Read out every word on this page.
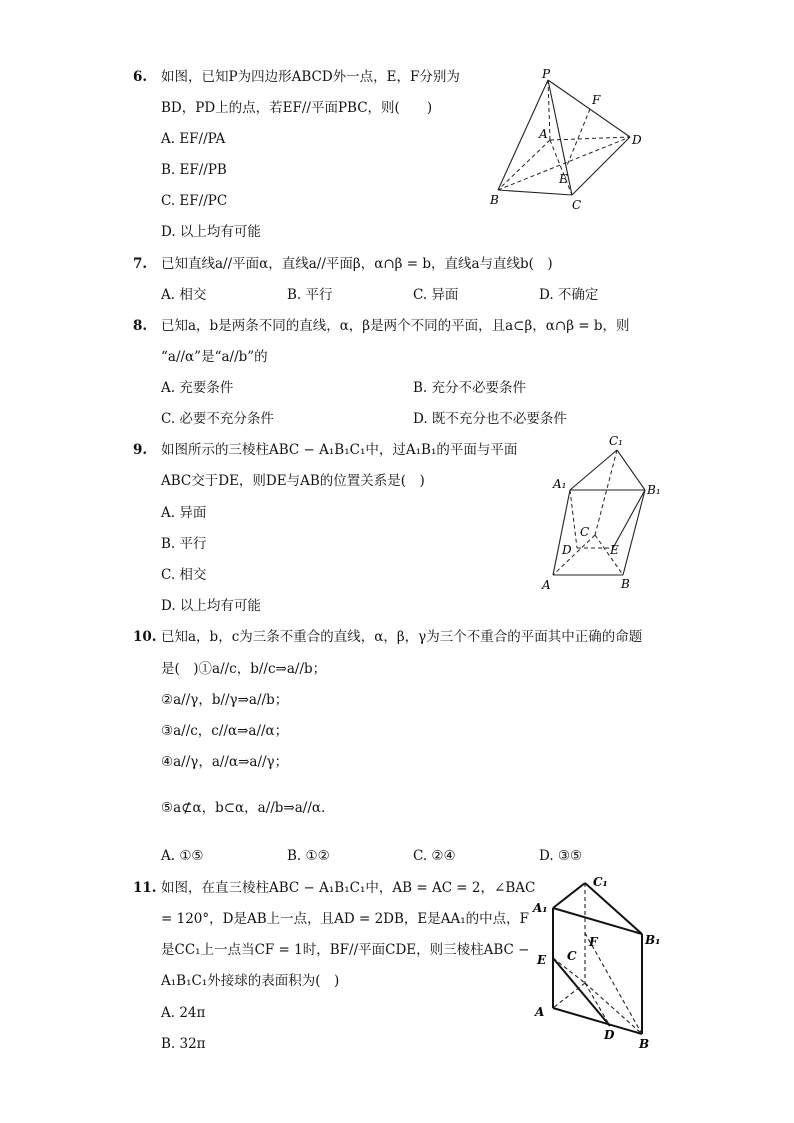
6. 如图，已知P为四边形ABCD外一点，E，F分别为
BD，PD上的点，若EF//平面PBC，则(　　)
A. EF//PA
B. EF//PB
C. EF//PC
D. 以上均有可能
P
F
A	D
E
B	C
7. 已知直线a//平面α，直线a//平面β，α∩β = b，直线a与直线b(　)
A. 相交	B. 平行	C. 异面	D. 不确定
8. 已知a，b是两条不同的直线，α，β是两个不同的平面，且a⊂β，α∩β = b，则
“a//α”是“a//b”的
A. 充要条件	B. 充分不必要条件
C. 必要不充分条件	D. 既不充分也不必要条件
9. 如图所示的三棱柱ABC − A₁B₁C₁中，过A₁B₁的平面与平面
ABC交于DE，则DE与AB的位置关系是(　)
A. 异面
B. 平行
C. 相交
D. 以上均有可能
C₁
A₁	B₁
C
D	E
A	B
10. 已知a，b，c为三条不重合的直线，α，β，γ为三个不重合的平面其中正确的命题
是(　)①a//c，b//c⇒a//b；
②a//γ，b//γ⇒a//b；
③a//c，c//α⇒a//α；
④a//γ，a//α⇒a//γ；
⑤a⊄α，b⊂α，a//b⇒a//α.
A. ①⑤	B. ①②	C. ②④	D. ③⑤
11. 如图，在直三棱柱ABC − A₁B₁C₁中，AB = AC = 2，∠BAC
= 120°，D是AB上一点，且AD = 2DB，E是AA₁的中点，F
是CC₁上一点当CF = 1时，BF//平面CDE，则三棱柱ABC −
A₁B₁C₁外接球的表面积为(　)
A. 24π
B. 32π
C₁
A₁
B₁
E C
F
A
D
B
